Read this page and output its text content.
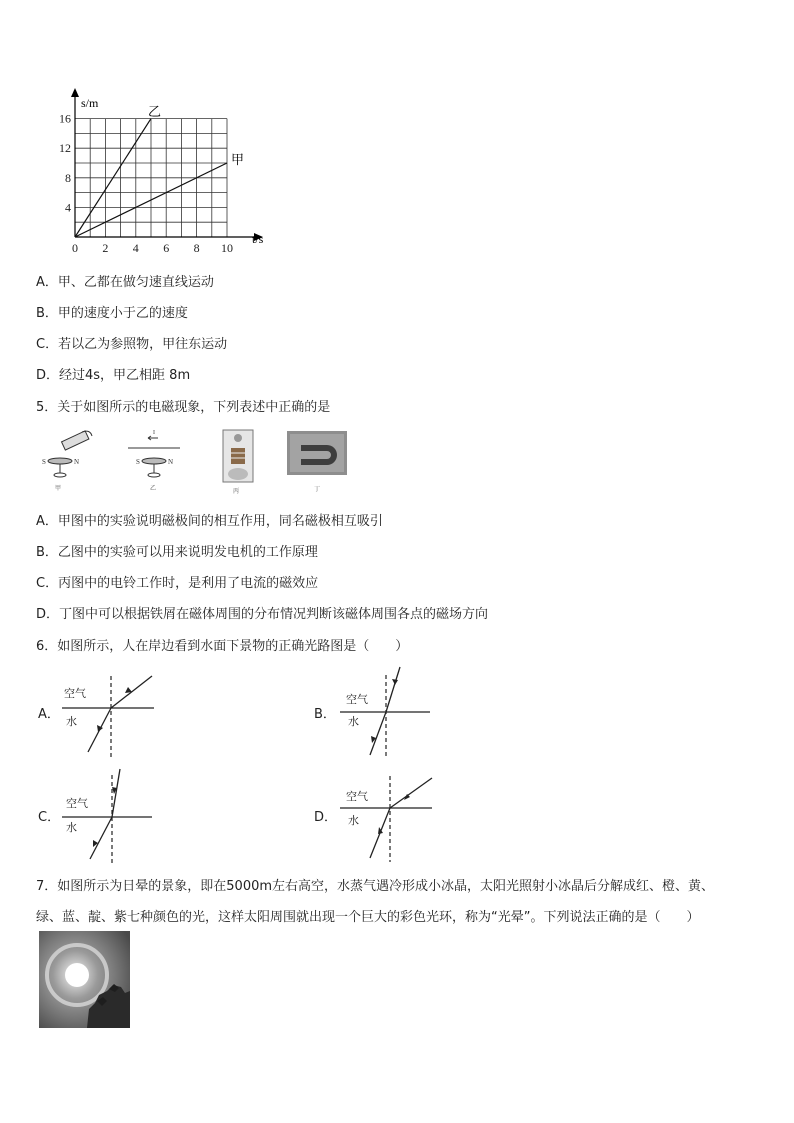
0 2 4 6 8 10
4
8
12
16
s/m
t/s
甲
乙
A．甲、乙都在做匀速直线运动
B．甲的速度小于乙的速度
C．若以乙为参照物，甲往东运动
D．经过4s，甲乙相距 8m
5．关于如图所示的电磁现象，下列表述中正确的是
S	N
甲
I
S	N
乙	丙	丁
A．甲图中的实验说明磁极间的相互作用，同名磁极相互吸引
B．乙图中的实验可以用来说明发电机的工作原理
C．丙图中的电铃工作时，是利用了电流的磁效应
D．丁图中可以根据铁屑在磁体周围的分布情况判断该磁体周围各点的磁场方向
6．如图所示，人在岸边看到水面下景物的正确光路图是（　　）
A．
空气
水	B．
空气
水
C．
空气
水
D．
空气
水
7．如图所示为日晕的景象，即在5000m左右高空，水蒸气遇冷形成小冰晶，太阳光照射小冰晶后分解成红、橙、黄、
绿、蓝、靛、紫七种颜色的光，这样太阳周围就出现一个巨大的彩色光环，称为“光晕”。下列说法正确的是（　　）
